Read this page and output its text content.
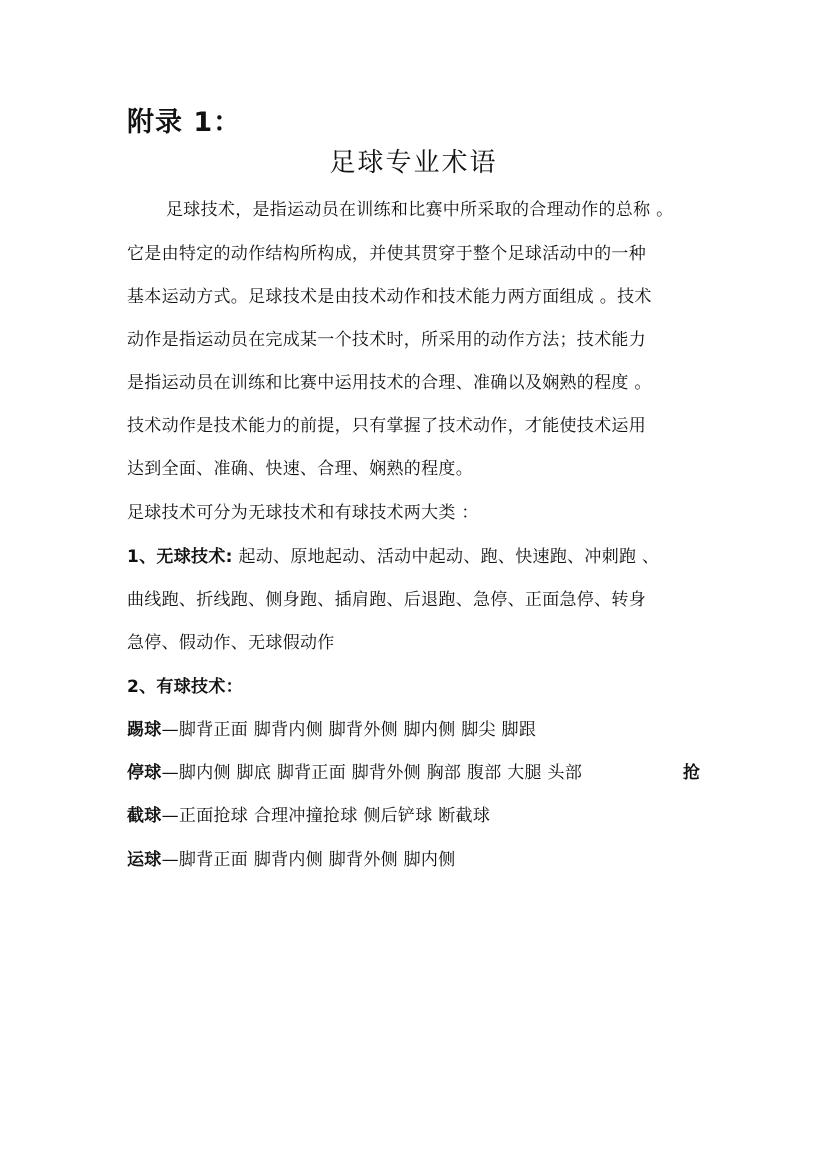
附录 1：
足球专业术语
足球技术，是指运动员在训练和比赛中所采取的合理动作的总称 。
它是由特定的动作结构所构成，并使其贯穿于整个足球活动中的一种
基本运动方式。足球技术是由技术动作和技术能力两方面组成 。技术
动作是指运动员在完成某一个技术时，所采用的动作方法；技术能力
是指运动员在训练和比赛中运用技术的合理、准确以及娴熟的程度 。
技术动作是技术能力的前提，只有掌握了技术动作，才能使技术运用
达到全面、准确、快速、合理、娴熟的程度。
足球技术可分为无球技术和有球技术两大类 ：
1、无球技术: 起动、原地起动、活动中起动、跑、快速跑、冲刺跑 、
曲线跑、折线跑、侧身跑、插肩跑、后退跑、急停、正面急停、转身
急停、假动作、无球假动作
2、有球技术：
踢球—脚背正面 脚背内侧 脚背外侧 脚内侧 脚尖 脚跟
停球—脚内侧 脚底 脚背正面 脚背外侧 胸部 腹部 大腿 头部	抢
截球—正面抢球 合理冲撞抢球 侧后铲球 断截球
运球—脚背正面 脚背内侧 脚背外侧 脚内侧
